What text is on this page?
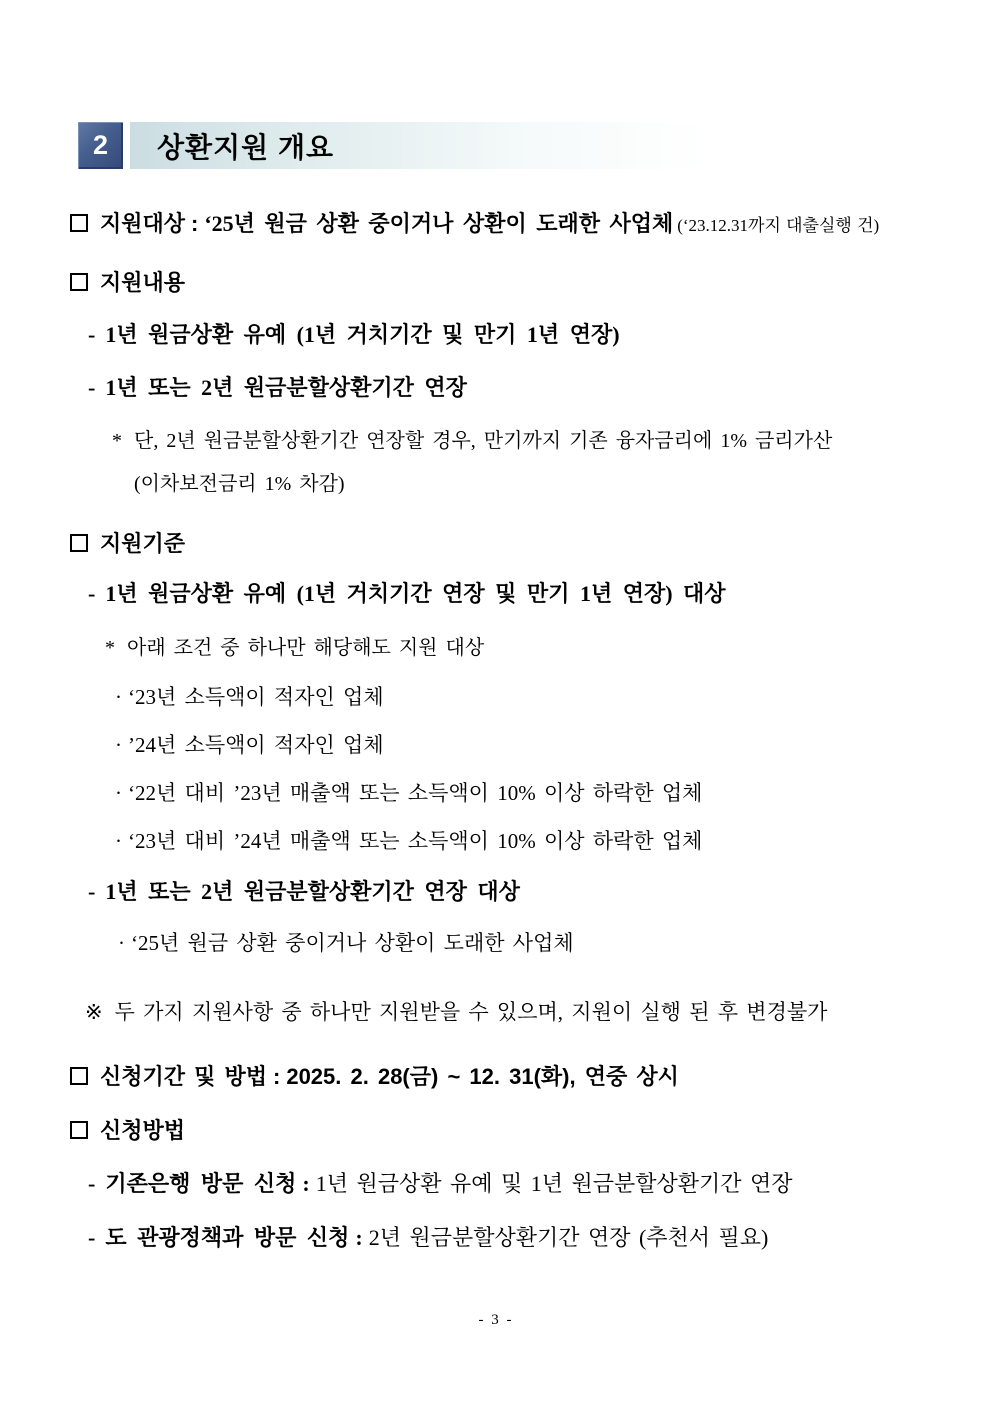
2	상환지원 개요
지원대상 : ‘25년 원금 상환 중이거나 상환이 도래한 사업체 (‘23.12.31까지 대출실행 건)
지원내용
- 1년 원금상환 유예 (1년 거치기간 및 만기 1년 연장)
- 1년 또는 2년 원금분할상환기간 연장
* 단, 2년 원금분할상환기간 연장할 경우, 만기까지 기존 융자금리에 1% 금리가산
(이차보전금리 1% 차감)
지원기준
- 1년 원금상환 유예 (1년 거치기간 연장 및 만기 1년 연장) 대상
* 아래 조건 중 하나만 해당해도 지원 대상
· ‘23년 소득액이 적자인 업체
· ’24년 소득액이 적자인 업체
· ‘22년 대비 ’23년 매출액 또는 소득액이 10% 이상 하락한 업체
· ‘23년 대비 ’24년 매출액 또는 소득액이 10% 이상 하락한 업체
- 1년 또는 2년 원금분할상환기간 연장 대상
· ‘25년 원금 상환 중이거나 상환이 도래한 사업체
※ 두 가지 지원사항 중 하나만 지원받을 수 있으며, 지원이 실행 된 후 변경불가
신청기간 및 방법 : 2025. 2. 28(금) ~ 12. 31(화), 연중 상시
신청방법
- 기존은행 방문 신청 : 1년 원금상환 유예 및 1년 원금분할상환기간 연장
- 도 관광정책과 방문 신청 : 2년 원금분할상환기간 연장 (추천서 필요)
- 3 -
